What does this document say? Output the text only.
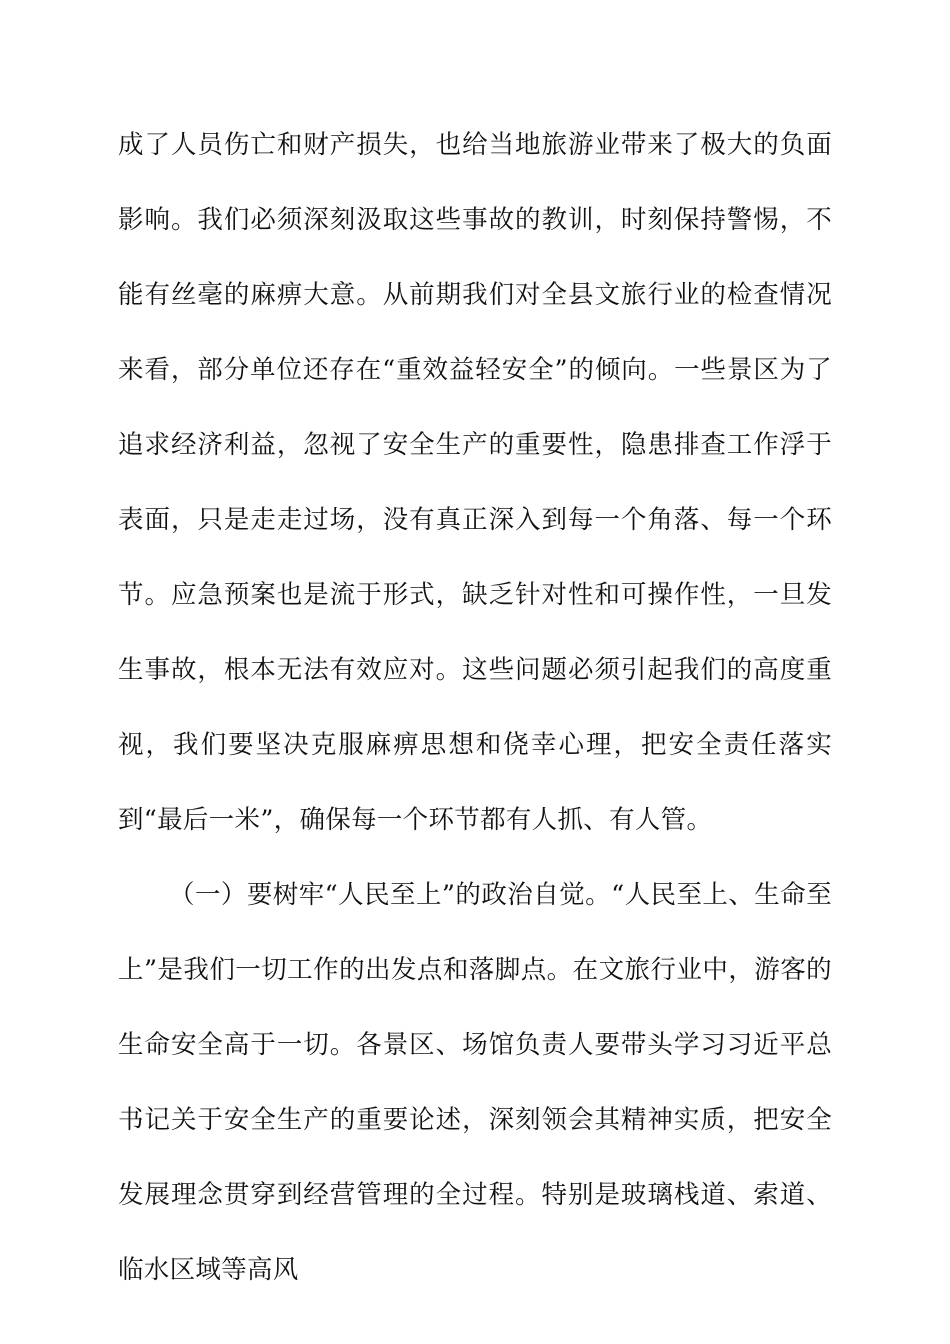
成了人员伤亡和财产损失，也给当地旅游业带来了极大的负面影响。我们必须深刻汲取这些事故的教训，时刻保持警惕，不能有丝毫的麻痹大意。从前期我们对全县文旅行业的检查情况来看，部分单位还存在“重效益轻安全”的倾向。一些景区为了追求经济利益，忽视了安全生产的重要性，隐患排查工作浮于表面，只是走走过场，没有真正深入到每一个角落、每一个环节。应急预案也是流于形式，缺乏针对性和可操作性，一旦发生事故，根本无法有效应对。这些问题必须引起我们的高度重视，我们要坚决克服麻痹思想和侥幸心理，把安全责任落实到“最后一米”，确保每一个环节都有人抓、有人管。

（一）要树牢“人民至上”的政治自觉。“人民至上、生命至上”是我们一切工作的出发点和落脚点。在文旅行业中，游客的生命安全高于一切。各景区、场馆负责人要带头学习习近平总书记关于安全生产的重要论述，深刻领会其精神实质，把安全发展理念贯穿到经营管理的全过程。特别是玻璃栈道、索道、临水区域等高风
